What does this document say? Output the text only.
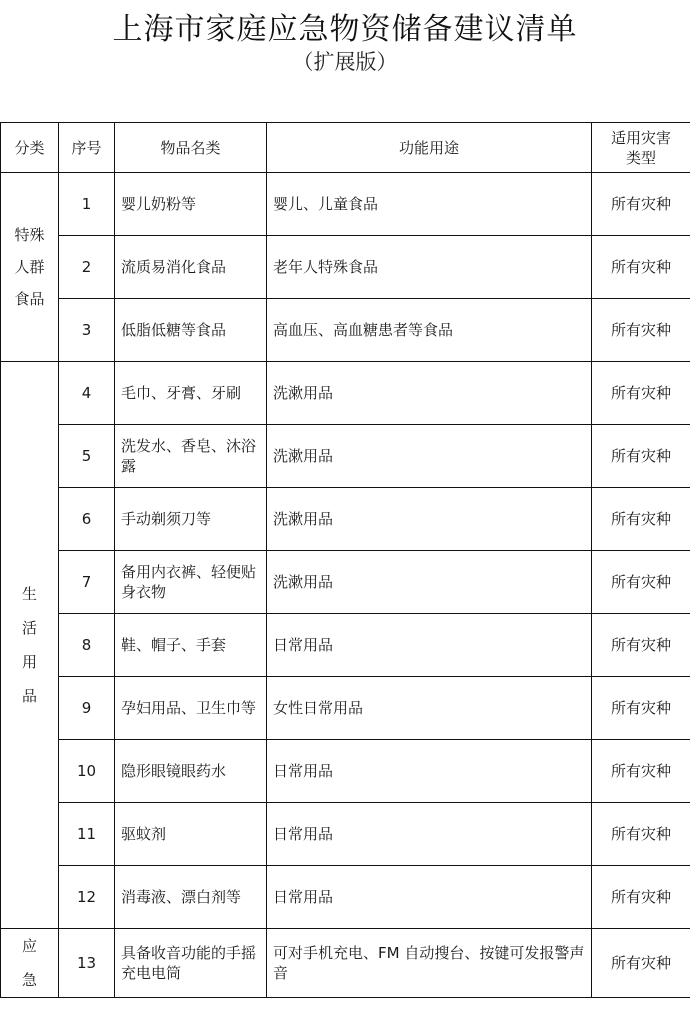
上海市家庭应急物资储备建议清单
（扩展版）
分类	序号	物品名类	功能用途	适用灾害
类型
特殊
人群
食品	1	婴儿奶粉等	婴儿、儿童食品	所有灾种
	2	流质易消化食品	老年人特殊食品	所有灾种
	3	低脂低糖等食品	高血压、高血糖患者等食品	所有灾种

生
活
用
品	4	毛巾、牙膏、牙刷	洗漱用品	所有灾种
	5	洗发水、香皂、沐浴露	洗漱用品	所有灾种
	6	手动剃须刀等	洗漱用品	所有灾种
	7	备用内衣裤、轻便贴身衣物	洗漱用品	所有灾种
	8	鞋、帽子、手套	日常用品	所有灾种
	9	孕妇用品、卫生巾等	女性日常用品	所有灾种
	10	隐形眼镜眼药水	日常用品	所有灾种
	11	驱蚊剂	日常用品	所有灾种
	12	消毒液、漂白剂等	日常用品	所有灾种

应
急	13	具备收音功能的手摇充电电筒	可对手机充电、FM 自动搜台、按键可发报警声音	所有灾种
